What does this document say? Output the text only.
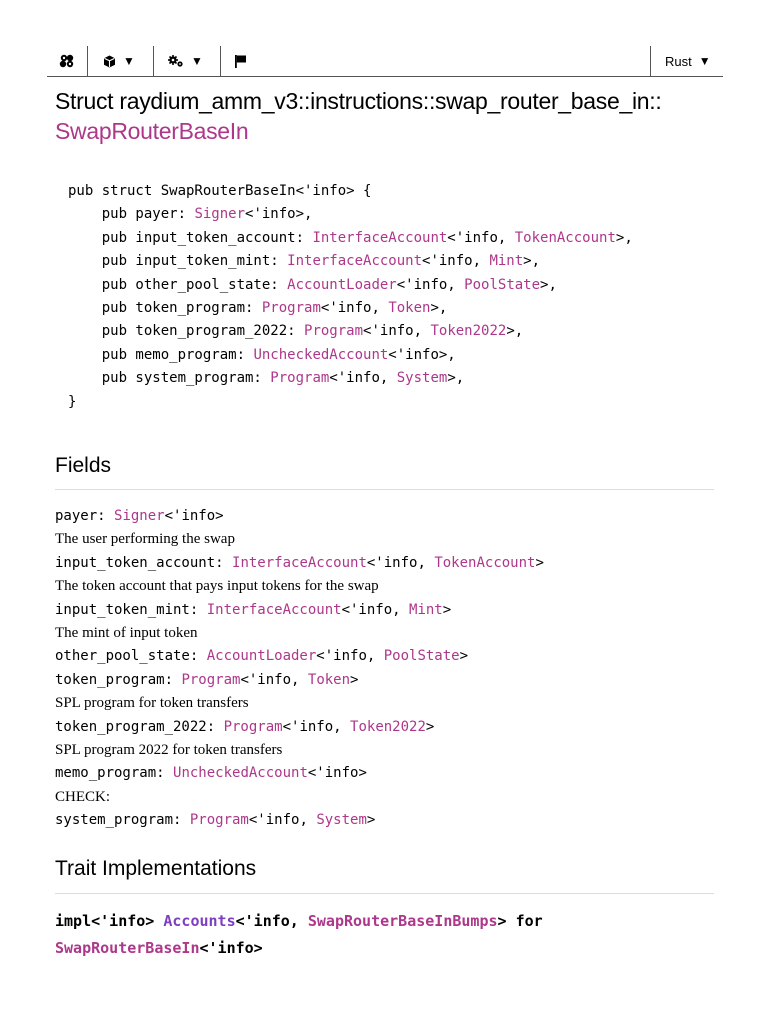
▼	▼	Rust ▼
Struct raydium_amm_v3::instructions::swap_router_base_in::
SwapRouterBaseIn
pub struct SwapRouterBaseIn<'info> {
pub payer: Signer<'info>,
pub input_token_account: InterfaceAccount<'info, TokenAccount>,
pub input_token_mint: InterfaceAccount<'info, Mint>,
pub other_pool_state: AccountLoader<'info, PoolState>,
pub token_program: Program<'info, Token>,
pub token_program_2022: Program<'info, Token2022>,
pub memo_program: UncheckedAccount<'info>,
pub system_program: Program<'info, System>,
}
Fields
payer: Signer<'info>
The user performing the swap
input_token_account: InterfaceAccount<'info, TokenAccount>
The token account that pays input tokens for the swap
input_token_mint: InterfaceAccount<'info, Mint>
The mint of input token
other_pool_state: AccountLoader<'info, PoolState>
token_program: Program<'info, Token>
SPL program for token transfers
token_program_2022: Program<'info, Token2022>
SPL program 2022 for token transfers
memo_program: UncheckedAccount<'info>
CHECK:
system_program: Program<'info, System>
Trait Implementations
impl<'info> Accounts<'info, SwapRouterBaseInBumps> for
SwapRouterBaseIn<'info>
